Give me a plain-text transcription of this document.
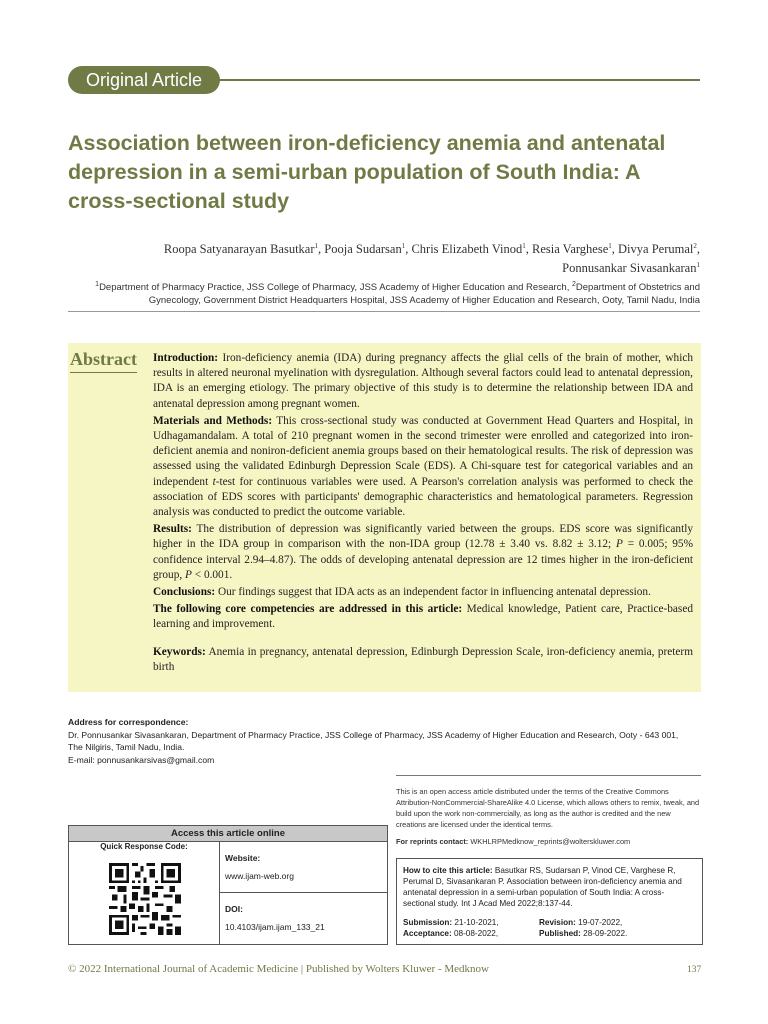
Original Article
Association between iron-deficiency anemia and antenatal depression in a semi-urban population of South India: A cross-sectional study
Roopa Satyanarayan Basutkar$^1$, Pooja Sudarsan$^1$, Chris Elizabeth Vinod$^1$, Resia Varghese$^1$, Divya Perumal$^2$,
Ponnusankar Sivasankaran$^1$
$^1$Department of Pharmacy Practice, JSS College of Pharmacy, JSS Academy of Higher Education and Research, $^2$Department of Obstetrics and Gynecology, Government District Headquarters Hospital, JSS Academy of Higher Education and Research, Ooty, Tamil Nadu, India
Abstract Introduction: Iron-deficiency anemia (IDA) during pregnancy affects the glial cells of the brain of mother, which results in altered neuronal myelination with dysregulation. Although several factors could lead to antenatal depression, IDA is an emerging etiology. The primary objective of this study is to determine the relationship between IDA and antenatal depression among pregnant women.

Materials and Methods: This cross-sectional study was conducted at Government Head Quarters and Hospital, in Udhagamandalam. A total of 210 pregnant women in the second trimester were enrolled and categorized into iron-deficient anemia and noniron-deficient anemia groups based on their hematological results. The risk of depression was assessed using the validated Edinburgh Depression Scale (EDS). A Chi-square test for categorical variables and an independent t-test for continuous variables were used. A Pearson's correlation analysis was performed to check the association of EDS scores with participants' demographic characteristics and hematological parameters. Regression analysis was conducted to predict the outcome variable.

Results: The distribution of depression was significantly varied between the groups. EDS score was significantly higher in the IDA group in comparison with the non-IDA group (12.78 ± 3.40 vs. 8.82 ± 3.12; P = 0.005; 95% confidence interval 2.94–4.87). The odds of developing antenatal depression are 12 times higher in the iron-deficient group, P < 0.001.

Conclusions: Our findings suggest that IDA acts as an independent factor in influencing antenatal depression.

The following core competencies are addressed in this article: Medical knowledge, Patient care, Practice-based learning and improvement.

Keywords: Anemia in pregnancy, antenatal depression, Edinburgh Depression Scale, iron-deficiency anemia, preterm birth

Address for correspondence:
Dr. Ponnusankar Sivasankaran, Department of Pharmacy Practice, JSS College of Pharmacy, JSS Academy of Higher Education and Research, Ooty - 643 001,
The Nilgiris, Tamil Nadu, India.
E-mail: ponnusankarsivas@gmail.com
This is an open access article distributed under the terms of the Creative Commons Attribution-NonCommercial-ShareAlike 4.0 License, which allows others to remix, tweak, and build upon the work non-commercially, as long as the author is credited and the new creations are licensed under the identical terms.
For reprints contact: WKHLRPMedknow_reprints@wolterskluwer.com
Access this article online
Quick Response Code:
Website:
www.ijam-web.org
DOI:
10.4103/ijam.ijam_133_21
How to cite this article: Basutkar RS, Sudarsan P, Vinod CE, Varghese R, Perumal D, Sivasankaran P. Association between iron-deficiency anemia and antenatal depression in a semi-urban population of South India: A cross-sectional study. Int J Acad Med 2022;8:137-44.
Submission: 21-10-2021,	Revision: 19-07-2022,
Acceptance: 08-08-2022,	Published: 28-09-2022.
© 2022 International Journal of Academic Medicine | Published by Wolters Kluwer - Medknow	137
